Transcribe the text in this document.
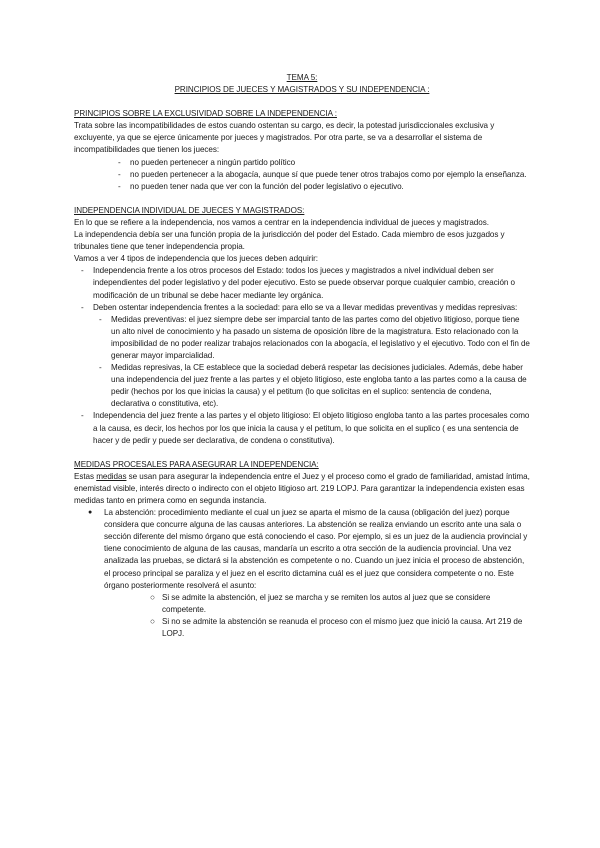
TEMA 5:

PRINCIPIOS DE JUECES Y MAGISTRADOS Y SU INDEPENDENCIA :

PRINCIPIOS SOBRE LA EXCLUSIVIDAD SOBRE LA INDEPENDENCIA :

Trata sobre las incompatibilidades de estos cuando ostentan su cargo, es decir, la potestad jurisdiccionales exclusiva y excluyente, ya que se ejerce únicamente por jueces y magistrados. Por otra parte, se va a desarrollar el sistema de incompatibilidades que tienen los jueces:

- no pueden pertenecer a ningún partido político
- no pueden pertenecer a la abogacía, aunque sí que puede tener otros trabajos como por ejemplo la enseñanza.
- no pueden tener nada que ver con la función del poder legislativo o ejecutivo.

INDEPENDENCIA INDIVIDUAL DE JUECES Y MAGISTRADOS:

En lo que se refiere a la independencia, nos vamos a centrar en la independencia individual de jueces y magistrados.

La independencia debía ser una función propia de la jurisdicción del poder del Estado. Cada miembro de esos juzgados y tribunales tiene que tener independencia propia.

Vamos a ver 4 tipos de independencia que los jueces deben adquirir:

- Independencia frente a los otros procesos del Estado: todos los jueces y magistrados a nivel individual deben ser independientes del poder legislativo y del poder ejecutivo. Esto se puede observar porque cualquier cambio, creación o modificación de un tribunal se debe hacer mediante ley orgánica.
- Deben ostentar independencia frentes a la sociedad: para ello se va a llevar medidas preventivas y medidas represivas:
- Medidas preventivas: el juez siempre debe ser imparcial tanto de las partes como del objetivo litigioso, porque tiene un alto nivel de conocimiento y ha pasado un sistema de oposición libre de la magistratura. Esto relacionado con la imposibilidad de no poder realizar trabajos relacionados con la abogacía, el legislativo y el ejecutivo. Todo con el fin de generar mayor imparcialidad.
- Medidas represivas, la CE establece que la sociedad deberá respetar las decisiones judiciales. Además, debe haber una independencia del juez frente a las partes y el objeto litigioso, este engloba tanto a las partes como a la causa de pedir (hechos por los que inicias la causa) y el petitum (lo que solicitas en el suplico: sentencia de condena, declarativa o constitutiva, etc).
- Independencia del juez frente a las partes y el objeto litigioso: El objeto litigioso engloba tanto a las partes procesales como a la causa, es decir, los hechos por los que inicia la causa y el petitum, lo que solicita en el suplico ( es una sentencia de hacer y de pedir y puede ser declarativa, de condena o constitutiva).

MEDIDAS PROCESALES PARA ASEGURAR LA INDEPENDENCIA:

Estas medidas se usan para asegurar la independencia entre el Juez y el proceso como el grado de familiaridad, amistad íntima, enemistad visible, interés directo o indirecto con el objeto litigioso art. 219 LOPJ. Para garantizar la independencia existen esas medidas tanto en primera como en segunda instancia.

● La abstención: procedimiento mediante el cual un juez se aparta el mismo de la causa (obligación del juez) porque considera que concurre alguna de las causas anteriores. La abstención se realiza enviando un escrito ante una sala o sección diferente del mismo órgano que está conociendo el caso. Por ejemplo, si es un juez de la audiencia provincial y tiene conocimiento de alguna de las causas, mandaría un escrito a otra sección de la audiencia provincial. Una vez analizada las pruebas, se dictará si la abstención es competente o no. Cuando un juez inicia el proceso de abstención, el proceso principal se paraliza y el juez en el escrito dictamina cuál es el juez que considera competente o no. Este órgano posteriormente resolverá el asunto:
○ Si se admite la abstención, el juez se marcha y se remiten los autos al juez que se considere competente.
○ Si no se admite la abstención se reanuda el proceso con el mismo juez que inició la causa. Art 219 de LOPJ.
